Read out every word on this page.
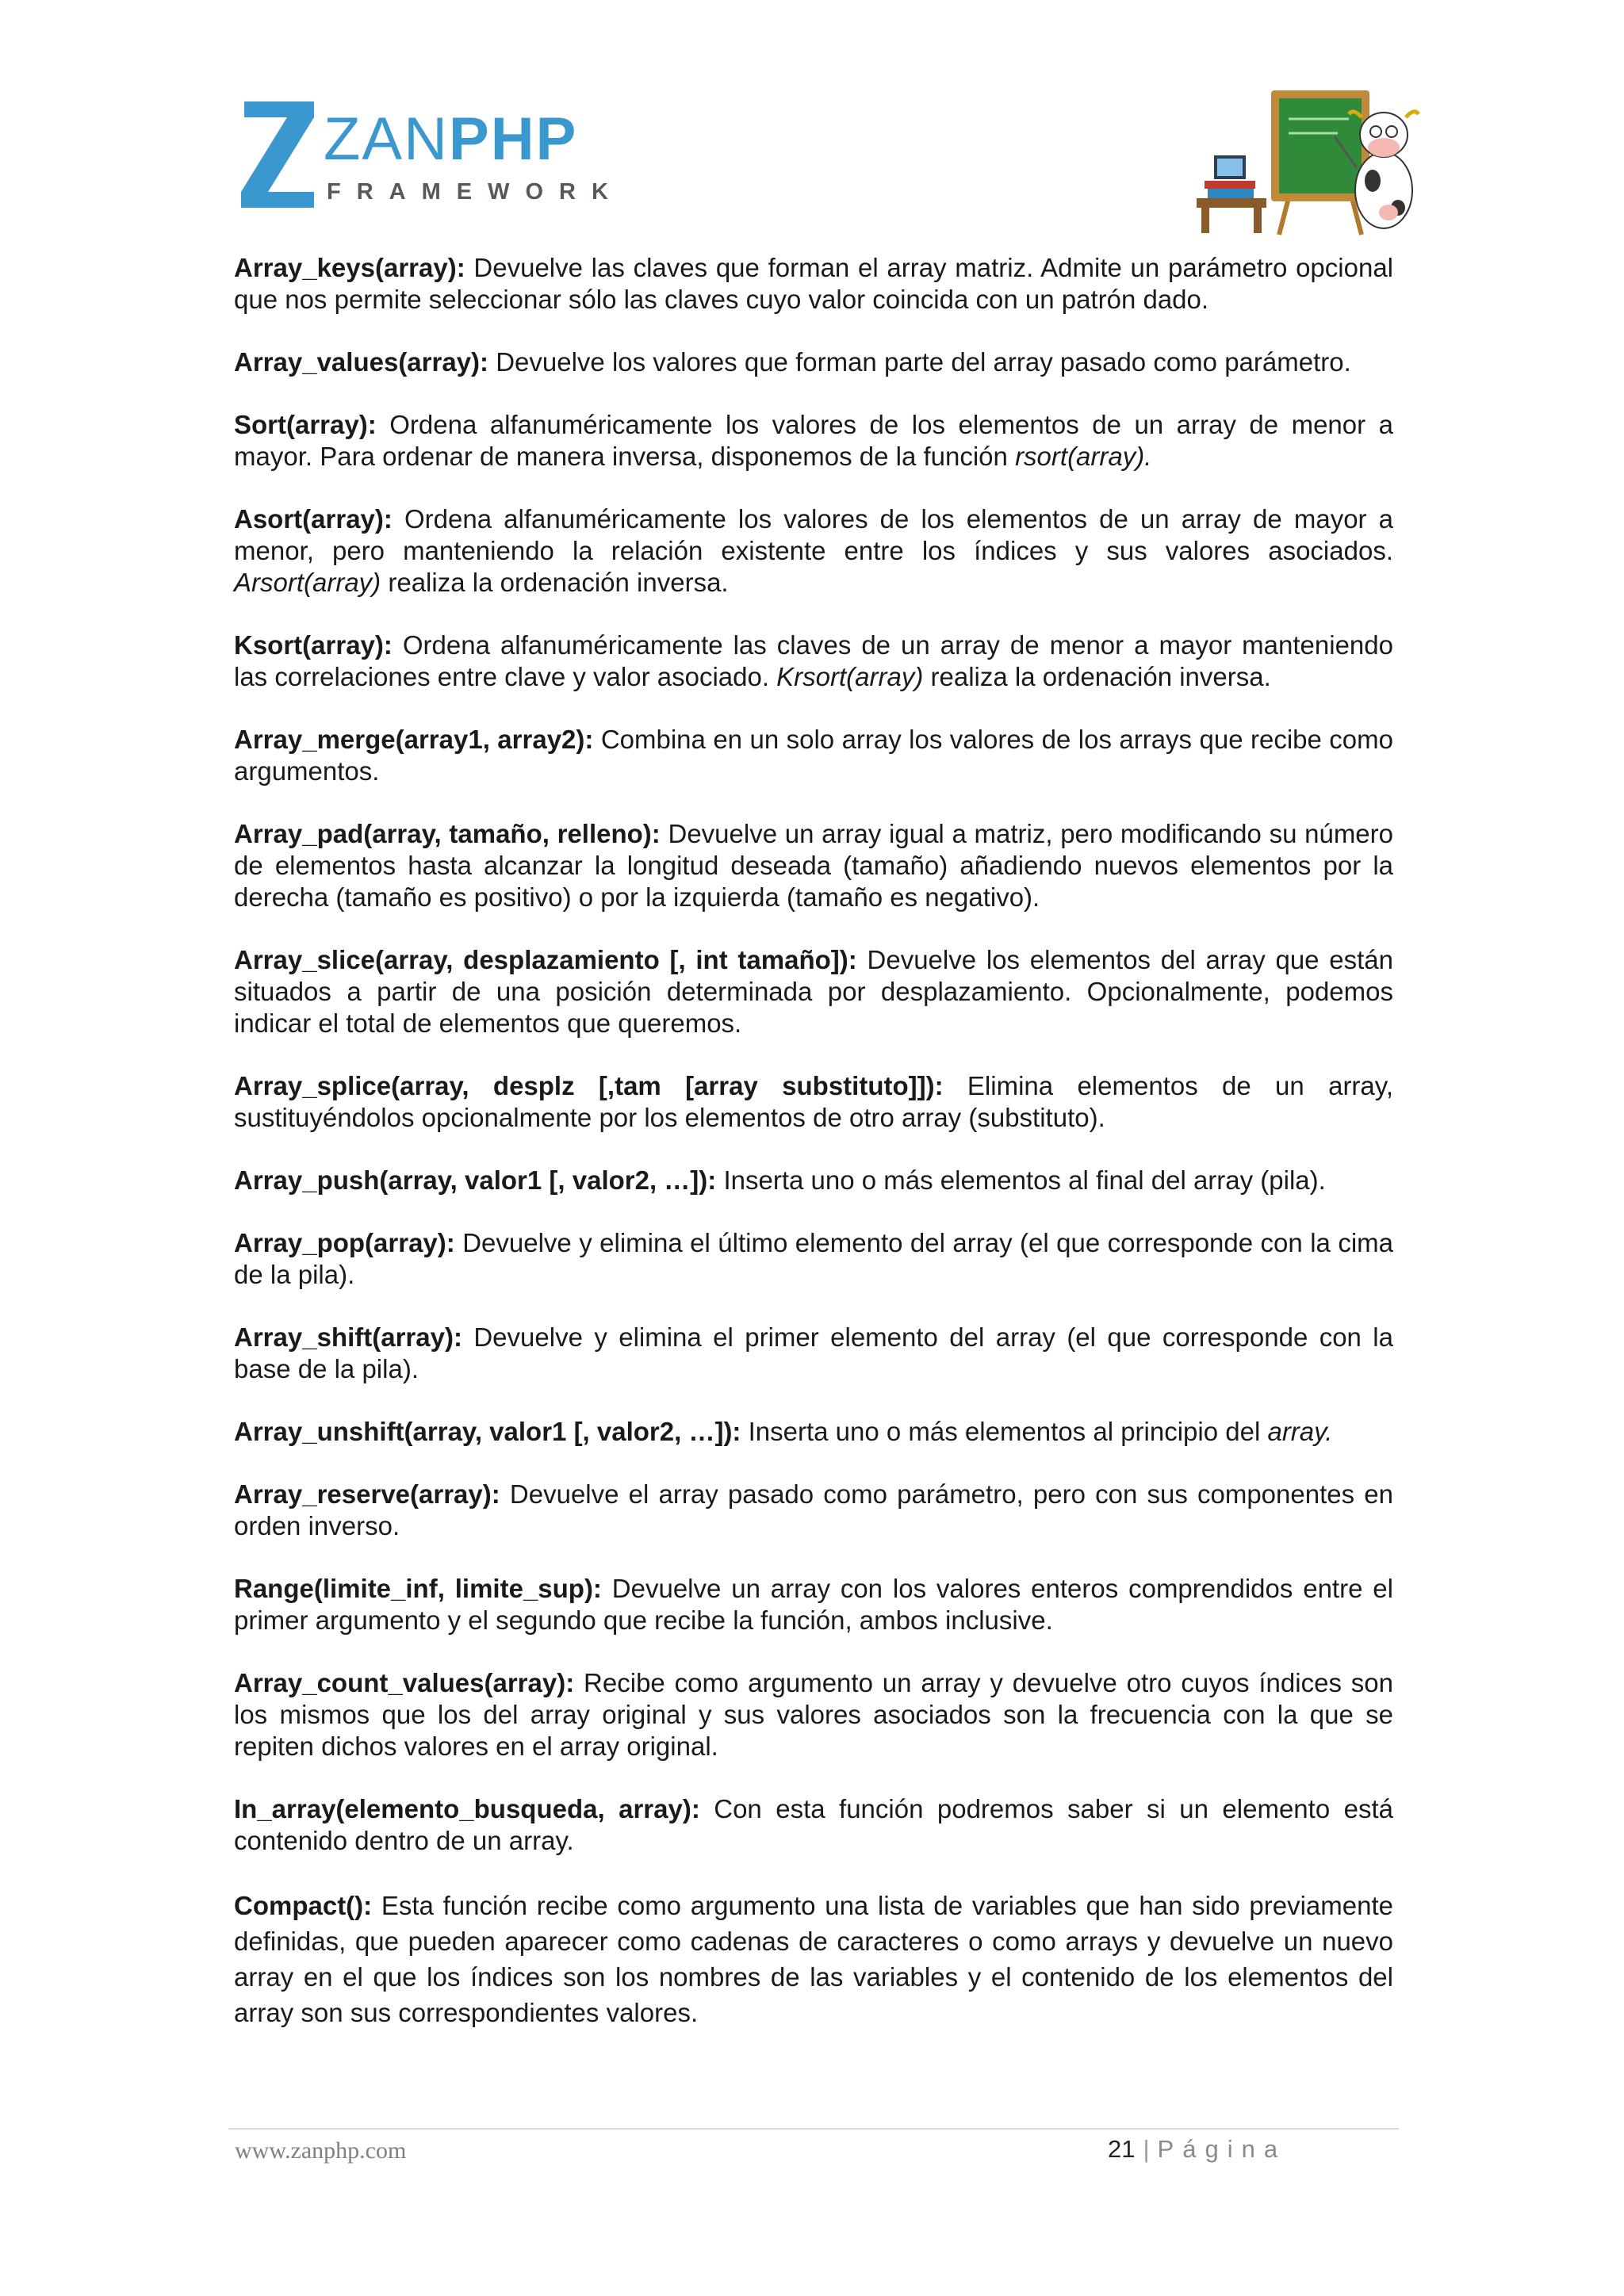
ZANPHP
FRAMEWORK

Array_keys(array): Devuelve las claves que forman el array matriz. Admite un parámetro opcional que nos permite seleccionar sólo las claves cuyo valor coincida con un patrón dado.

Array_values(array): Devuelve los valores que forman parte del array pasado como parámetro.

Sort(array): Ordena alfanuméricamente los valores de los elementos de un array de menor a mayor. Para ordenar de manera inversa, disponemos de la función rsort(array).

Asort(array): Ordena alfanuméricamente los valores de los elementos de un array de mayor a menor, pero manteniendo la relación existente entre los índices y sus valores asociados. Arsort(array) realiza la ordenación inversa.

Ksort(array): Ordena alfanuméricamente las claves de un array de menor a mayor manteniendo las correlaciones entre clave y valor asociado. Krsort(array) realiza la ordenación inversa.

Array_merge(array1, array2): Combina en un solo array los valores de los arrays que recibe como argumentos.

Array_pad(array, tamaño, relleno): Devuelve un array igual a matriz, pero modificando su número de elementos hasta alcanzar la longitud deseada (tamaño) añadiendo nuevos elementos por la derecha (tamaño es positivo) o por la izquierda (tamaño es negativo).

Array_slice(array, desplazamiento [, int tamaño]): Devuelve los elementos del array que están situados a partir de una posición determinada por desplazamiento. Opcionalmente, podemos indicar el total de elementos que queremos.

Array_splice(array, desplz [,tam [array substituto]]): Elimina elementos de un array, sustituyéndolos opcionalmente por los elementos de otro array (substituto).

Array_push(array, valor1 [, valor2, …]): Inserta uno o más elementos al final del array (pila).

Array_pop(array): Devuelve y elimina el último elemento del array (el que corresponde con la cima de la pila).

Array_shift(array): Devuelve y elimina el primer elemento del array (el que corresponde con la base de la pila).

Array_unshift(array, valor1 [, valor2, …]): Inserta uno o más elementos al principio del array.

Array_reserve(array): Devuelve el array pasado como parámetro, pero con sus componentes en orden inverso.

Range(limite_inf, limite_sup): Devuelve un array con los valores enteros comprendidos entre el primer argumento y el segundo que recibe la función, ambos inclusive.

Array_count_values(array): Recibe como argumento un array y devuelve otro cuyos índices son los mismos que los del array original y sus valores asociados son la frecuencia con la que se repiten dichos valores en el array original.

In_array(elemento_busqueda, array): Con esta función podremos saber si un elemento está contenido dentro de un array.

Compact(): Esta función recibe como argumento una lista de variables que han sido previamente definidas, que pueden aparecer como cadenas de caracteres o como arrays y devuelve un nuevo array en el que los índices son los nombres de las variables y el contenido de los elementos del array son sus correspondientes valores.

www.zanphp.com	21 | Página
